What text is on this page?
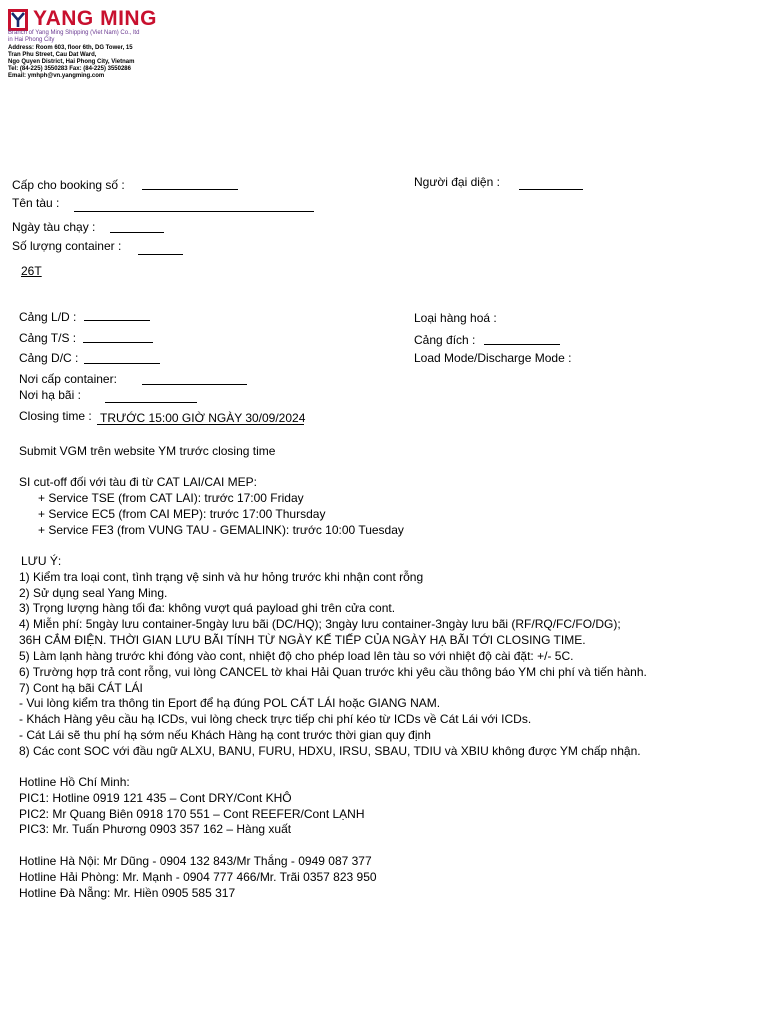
YANG MING
Branch of Yang Ming Shipping (Viet Nam) Co., ltd
in Hai Phong City
Address: Room 603, floor 6th, DG Tower, 15
Tran Phu Street, Cau Dat Ward,
Ngo Quyen District, Hai Phong City, Vietnam
Tel: (84-225) 3550283 Fax: (84-225) 3550286
Email: ymhph@vn.yangming.com
Cấp cho booking số :
Tên tàu :
Ngày tàu chạy :
Số lượng container :
26T
Cảng L/D :
Cảng T/S :
Cảng D/C :
Nơi cấp container:
Nơi hạ bãi :
Closing time : TRƯỚC 15:00 GIỜ NGÀY 30/09/2024
Người đại diện :
Loại hàng hoá :
Cảng đích :
Load Mode/Discharge Mode :
Submit VGM trên website YM trước closing time
SI cut-off đối với tàu đi từ CAT LAI/CAI MEP:
+ Service TSE (from CAT LAI): trước 17:00 Friday
+ Service EC5 (from CAI MEP): trước 17:00 Thursday
+ Service FE3 (from VUNG TAU - GEMALINK): trước 10:00 Tuesday
LƯU Ý:
1) Kiểm tra loại cont, tình trạng vệ sinh và hư hỏng trước khi nhận cont rỗng
2) Sử dụng seal Yang Ming.
3) Trọng lượng hàng tối đa: không vượt quá payload ghi trên cửa cont.
4) Miễn phí: 5ngày lưu container-5ngày lưu bãi (DC/HQ); 3ngày lưu container-3ngày lưu bãi (RF/RQ/FC/FO/DG);
36H CẮM ĐIỆN. THỜI GIAN LƯU BÃI TÍNH TỪ NGÀY KẾ TIẾP CỦA NGÀY HẠ BÃI TỚI CLOSING TIME.
5) Làm lạnh hàng trước khi đóng vào cont, nhiệt độ cho phép load lên tàu so với nhiệt độ cài đặt: +/- 5C.
6) Trường hợp trả cont rỗng, vui lòng CANCEL tờ khai Hải Quan trước khi yêu cầu thông báo YM chi phí và tiến hành.
7) Cont hạ bãi CÁT LÁI
- Vui lòng kiểm tra thông tin Eport để hạ đúng POL CÁT LÁI hoặc GIANG NAM.
- Khách Hàng yêu cầu hạ ICDs, vui lòng check trực tiếp chi phí kéo từ ICDs về Cát Lái với ICDs.
- Cát Lái sẽ thu phí hạ sớm nếu Khách Hàng hạ cont trước thời gian quy định
8) Các cont SOC với đầu ngữ ALXU, BANU, FURU, HDXU, IRSU, SBAU, TDIU và XBIU không được YM chấp nhận.
Hotline Hồ Chí Minh:
PIC1: Hotline 0919 121 435 – Cont DRY/Cont KHÔ
PIC2: Mr Quang Biên 0918 170 551 – Cont REEFER/Cont LẠNH
PIC3: Mr. Tuấn Phương 0903 357 162 – Hàng xuất
Hotline Hà Nội: Mr Dũng - 0904 132 843/Mr Thắng - 0949 087 377
Hotline Hải Phòng: Mr. Mạnh - 0904 777 466/Mr. Trãi 0357 823 950
Hotline Đà Nẵng: Mr. Hiền 0905 585 317
